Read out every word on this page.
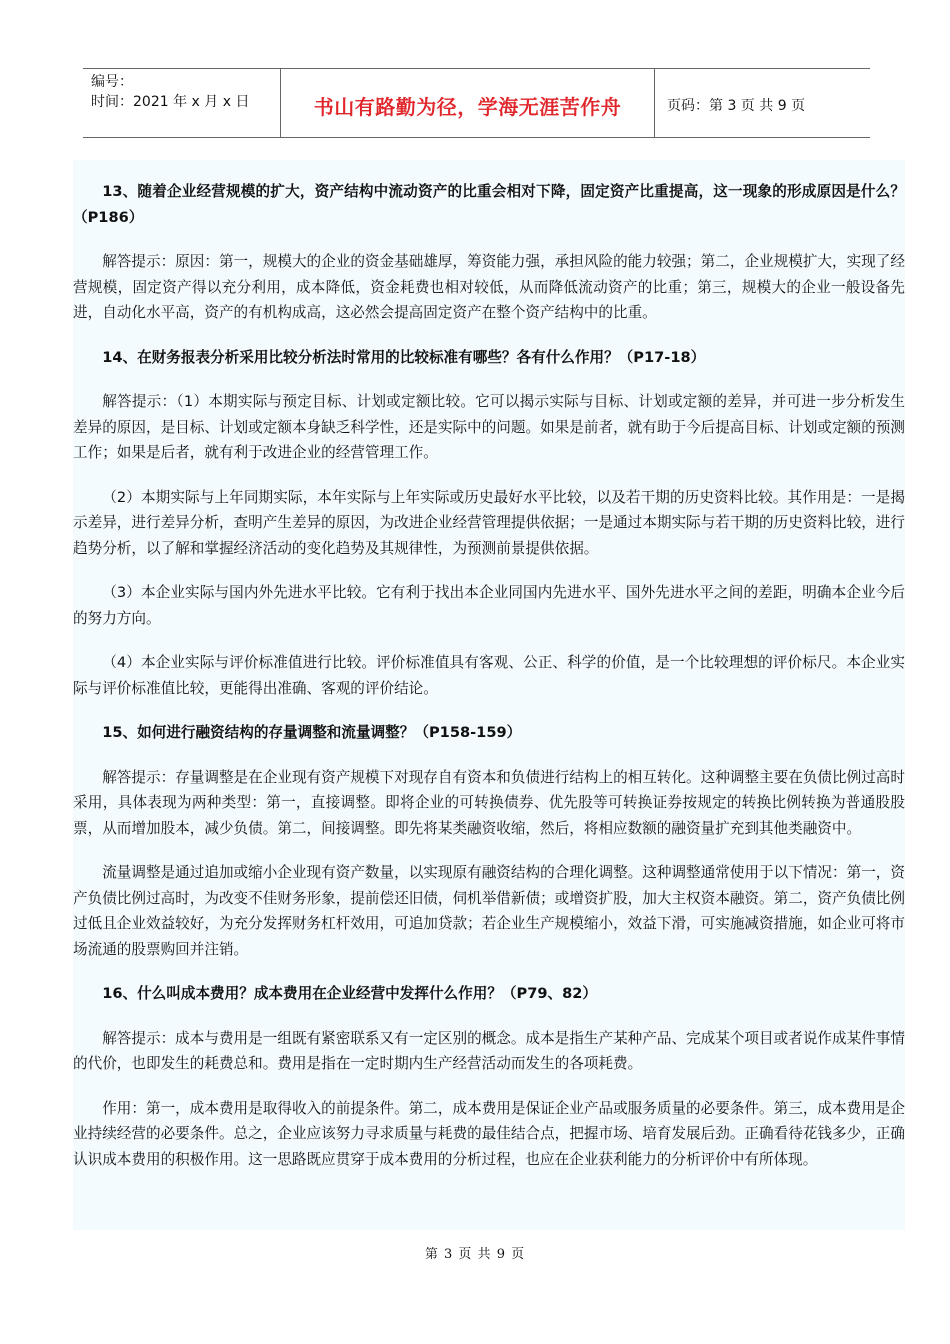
编号：
时间：2021 年 x 月 x 日	书山有路勤为径，学海无涯苦作舟	页码：第 3 页 共 9 页

13、随着企业经营规模的扩大，资产结构中流动资产的比重会相对下降，固定资产比重提高，这一现象的形成原因是什么？（P186）

解答提示：原因：第一，规模大的企业的资金基础雄厚，筹资能力强，承担风险的能力较强；第二，企业规模扩大，实现了经营规模，固定资产得以充分利用，成本降低，资金耗费也相对较低，从而降低流动资产的比重；第三，规模大的企业一般设备先进，自动化水平高，资产的有机构成高，这必然会提高固定资产在整个资产结构中的比重。

14、在财务报表分析采用比较分析法时常用的比较标准有哪些？各有什么作用？（P17-18）

解答提示：（1）本期实际与预定目标、计划或定额比较。它可以揭示实际与目标、计划或定额的差异，并可进一步分析发生差异的原因，是目标、计划或定额本身缺乏科学性，还是实际中的问题。如果是前者，就有助于今后提高目标、计划或定额的预测工作；如果是后者，就有利于改进企业的经营管理工作。

（2）本期实际与上年同期实际，本年实际与上年实际或历史最好水平比较，以及若干期的历史资料比较。其作用是：一是揭示差异，进行差异分析，查明产生差异的原因，为改进企业经营管理提供依据；一是通过本期实际与若干期的历史资料比较，进行趋势分析，以了解和掌握经济活动的变化趋势及其规律性，为预测前景提供依据。

（3）本企业实际与国内外先进水平比较。它有利于找出本企业同国内先进水平、国外先进水平之间的差距，明确本企业今后的努力方向。

（4）本企业实际与评价标准值进行比较。评价标准值具有客观、公正、科学的价值，是一个比较理想的评价标尺。本企业实际与评价标准值比较，更能得出准确、客观的评价结论。

15、如何进行融资结构的存量调整和流量调整？（P158-159）

解答提示：存量调整是在企业现有资产规模下对现存自有资本和负债进行结构上的相互转化。这种调整主要在负债比例过高时采用，具体表现为两种类型：第一，直接调整。即将企业的可转换债券、优先股等可转换证券按规定的转换比例转换为普通股股票，从而增加股本，减少负债。第二，间接调整。即先将某类融资收缩，然后，将相应数额的融资量扩充到其他类融资中。

流量调整是通过追加或缩小企业现有资产数量，以实现原有融资结构的合理化调整。这种调整通常使用于以下情况：第一，资产负债比例过高时，为改变不佳财务形象，提前偿还旧债，伺机举借新债；或增资扩股，加大主权资本融资。第二，资产负债比例过低且企业效益较好，为充分发挥财务杠杆效用，可追加贷款；若企业生产规模缩小，效益下滑，可实施减资措施，如企业可将市场流通的股票购回并注销。

16、什么叫成本费用？成本费用在企业经营中发挥什么作用？（P79、82）

解答提示：成本与费用是一组既有紧密联系又有一定区别的概念。成本是指生产某种产品、完成某个项目或者说作成某件事情的代价，也即发生的耗费总和。费用是指在一定时期内生产经营活动而发生的各项耗费。

作用：第一，成本费用是取得收入的前提条件。第二，成本费用是保证企业产品或服务质量的必要条件。第三，成本费用是企业持续经营的必要条件。总之，企业应该努力寻求质量与耗费的最佳结合点，把握市场、培育发展后劲。正确看待花钱多少，正确认识成本费用的积极作用。这一思路既应贯穿于成本费用的分析过程，也应在企业获利能力的分析评价中有所体现。

第 3 页 共 9 页
